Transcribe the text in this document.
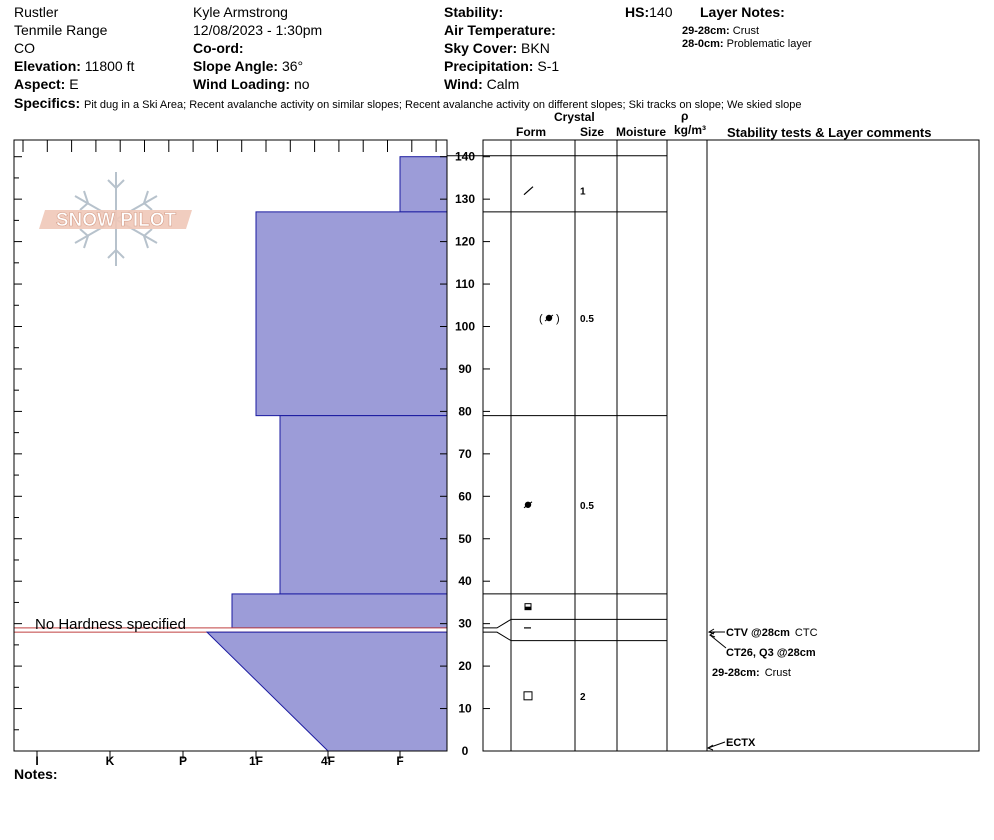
Rustler
Tenmile Range
CO
Elevation: 11800 ft
Aspect: E
Kyle Armstrong
12/08/2023 - 1:30pm
Co-ord:
Slope Angle: 36°
Wind Loading: no
Stability:
Air Temperature:
Sky Cover: BKN
Precipitation: S-1
Wind: Calm
HS:140 Layer Notes:
29-28cm: Crust
28-0cm: Problematic layer
Specifics: Pit dug in a Ski Area; Recent avalanche activity on similar slopes; Recent avalanche activity on different slopes; Ski tracks on slope; We skied slope
Crystal
Form	Size Moisture
ρ
kg/m³ Stability tests & Layer comments
SNOW PILOT
I	K	P	1F	4F	F
0
10
20
30
40
50
60
70
80
90
100
110
120
130
140
1
( ) 0.5
0.5
2
No Hardness specified	CTV @28cm CTC
CT26, Q3 @28cm
29-28cm: Crust
ECTX
Notes:
